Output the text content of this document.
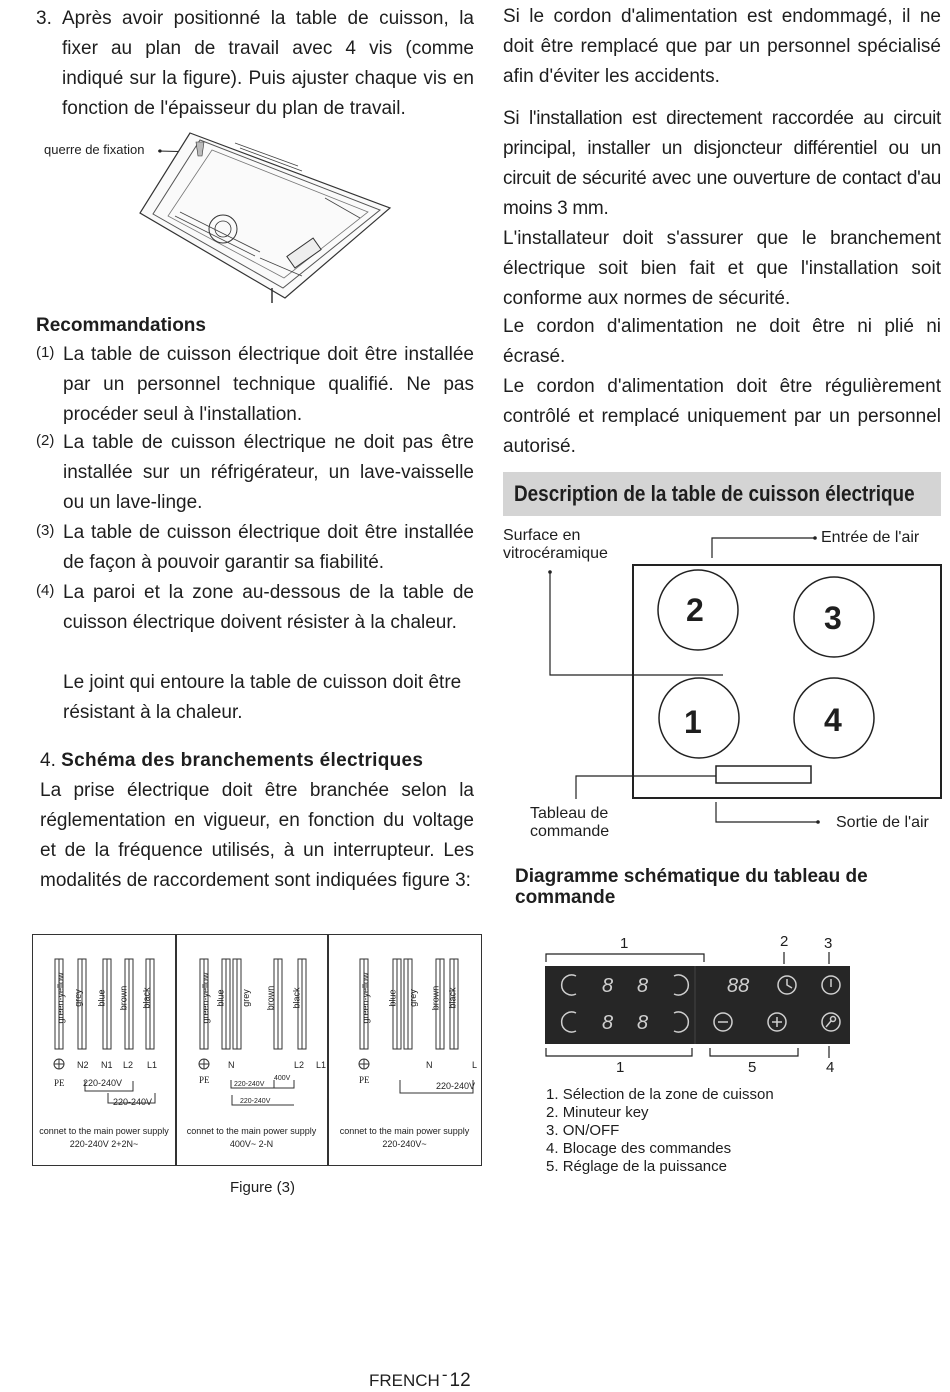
3. Après avoir positionné la table de cuisson, la fixer au plan de travail avec 4 vis (comme indiqué sur la figure). Puis ajuster chaque vis en fonction de l'épaisseur du plan de travail.

querre de fixation
Recommandations
(1) La table de cuisson électrique doit être installée par un personnel technique qualifié. Ne pas procéder seul à l'installation.

(2) La table de cuisson électrique ne doit pas être installée sur un réfrigérateur, un lave-vaisselle ou un lave-linge.

(3) La table de cuisson électrique doit être installée de façon à pouvoir garantir sa fiabilité.

(4) La paroi et la zone au-dessous de la table de cuisson électrique doivent résister à la chaleur.

Le joint qui entoure la table de cuisson doit être résistant à la chaleur.

4. Schéma des branchements électriques

La prise électrique doit être branchée selon la réglementation en vigueur, en fonction du voltage et de la fréquence utilisés, à un interrupteur. Les modalités de raccordement sont indiquées figure 3:

green-yellow grey blue brown black
N2 N1 L2 L1
PE 220-240V
220-240V
connet to the main power supply
220-240V 2+2N~
green-yellow blue grey brown black
N	L2 L1
PE	220-240V
400V
220-240V
connet to the main power supply
400V~ 2-N
green-yellow blue grey brown black
N	L
PE
220-240V
connet to the main power supply
220-240V~
Figure (3)

Si le cordon d'alimentation est endommagé, il ne doit être remplacé que par un personnel spécialisé afin d'éviter les accidents.

Si l'installation est directement raccordée au circuit principal, installer un disjoncteur différentiel ou un circuit de sécurité avec une ouverture de contact d'au moins 3 mm.

L'installateur doit s'assurer que le branchement électrique soit bien fait et que l'installation soit conforme aux normes de sécurité.

Le cordon d'alimentation ne doit être ni plié ni écrasé.

Le cordon d'alimentation doit être régulièrement contrôlé et remplacé uniquement par un personnel autorisé.

Description de la table de cuisson électrique
Surface en
vitrocéramique
Entrée de l'air
Tableau de
commande
Sortie de l'air
2	3
1	4
Diagramme schématique du tableau de commande
1	2 3
1	5	4
8 8
8 8
88
1. Sélection de la zone de cuisson
2. Minuteur key
3. ON/OFF
4. Blocage des commandes
5. Réglage de la puissance
FRENCH - 12
